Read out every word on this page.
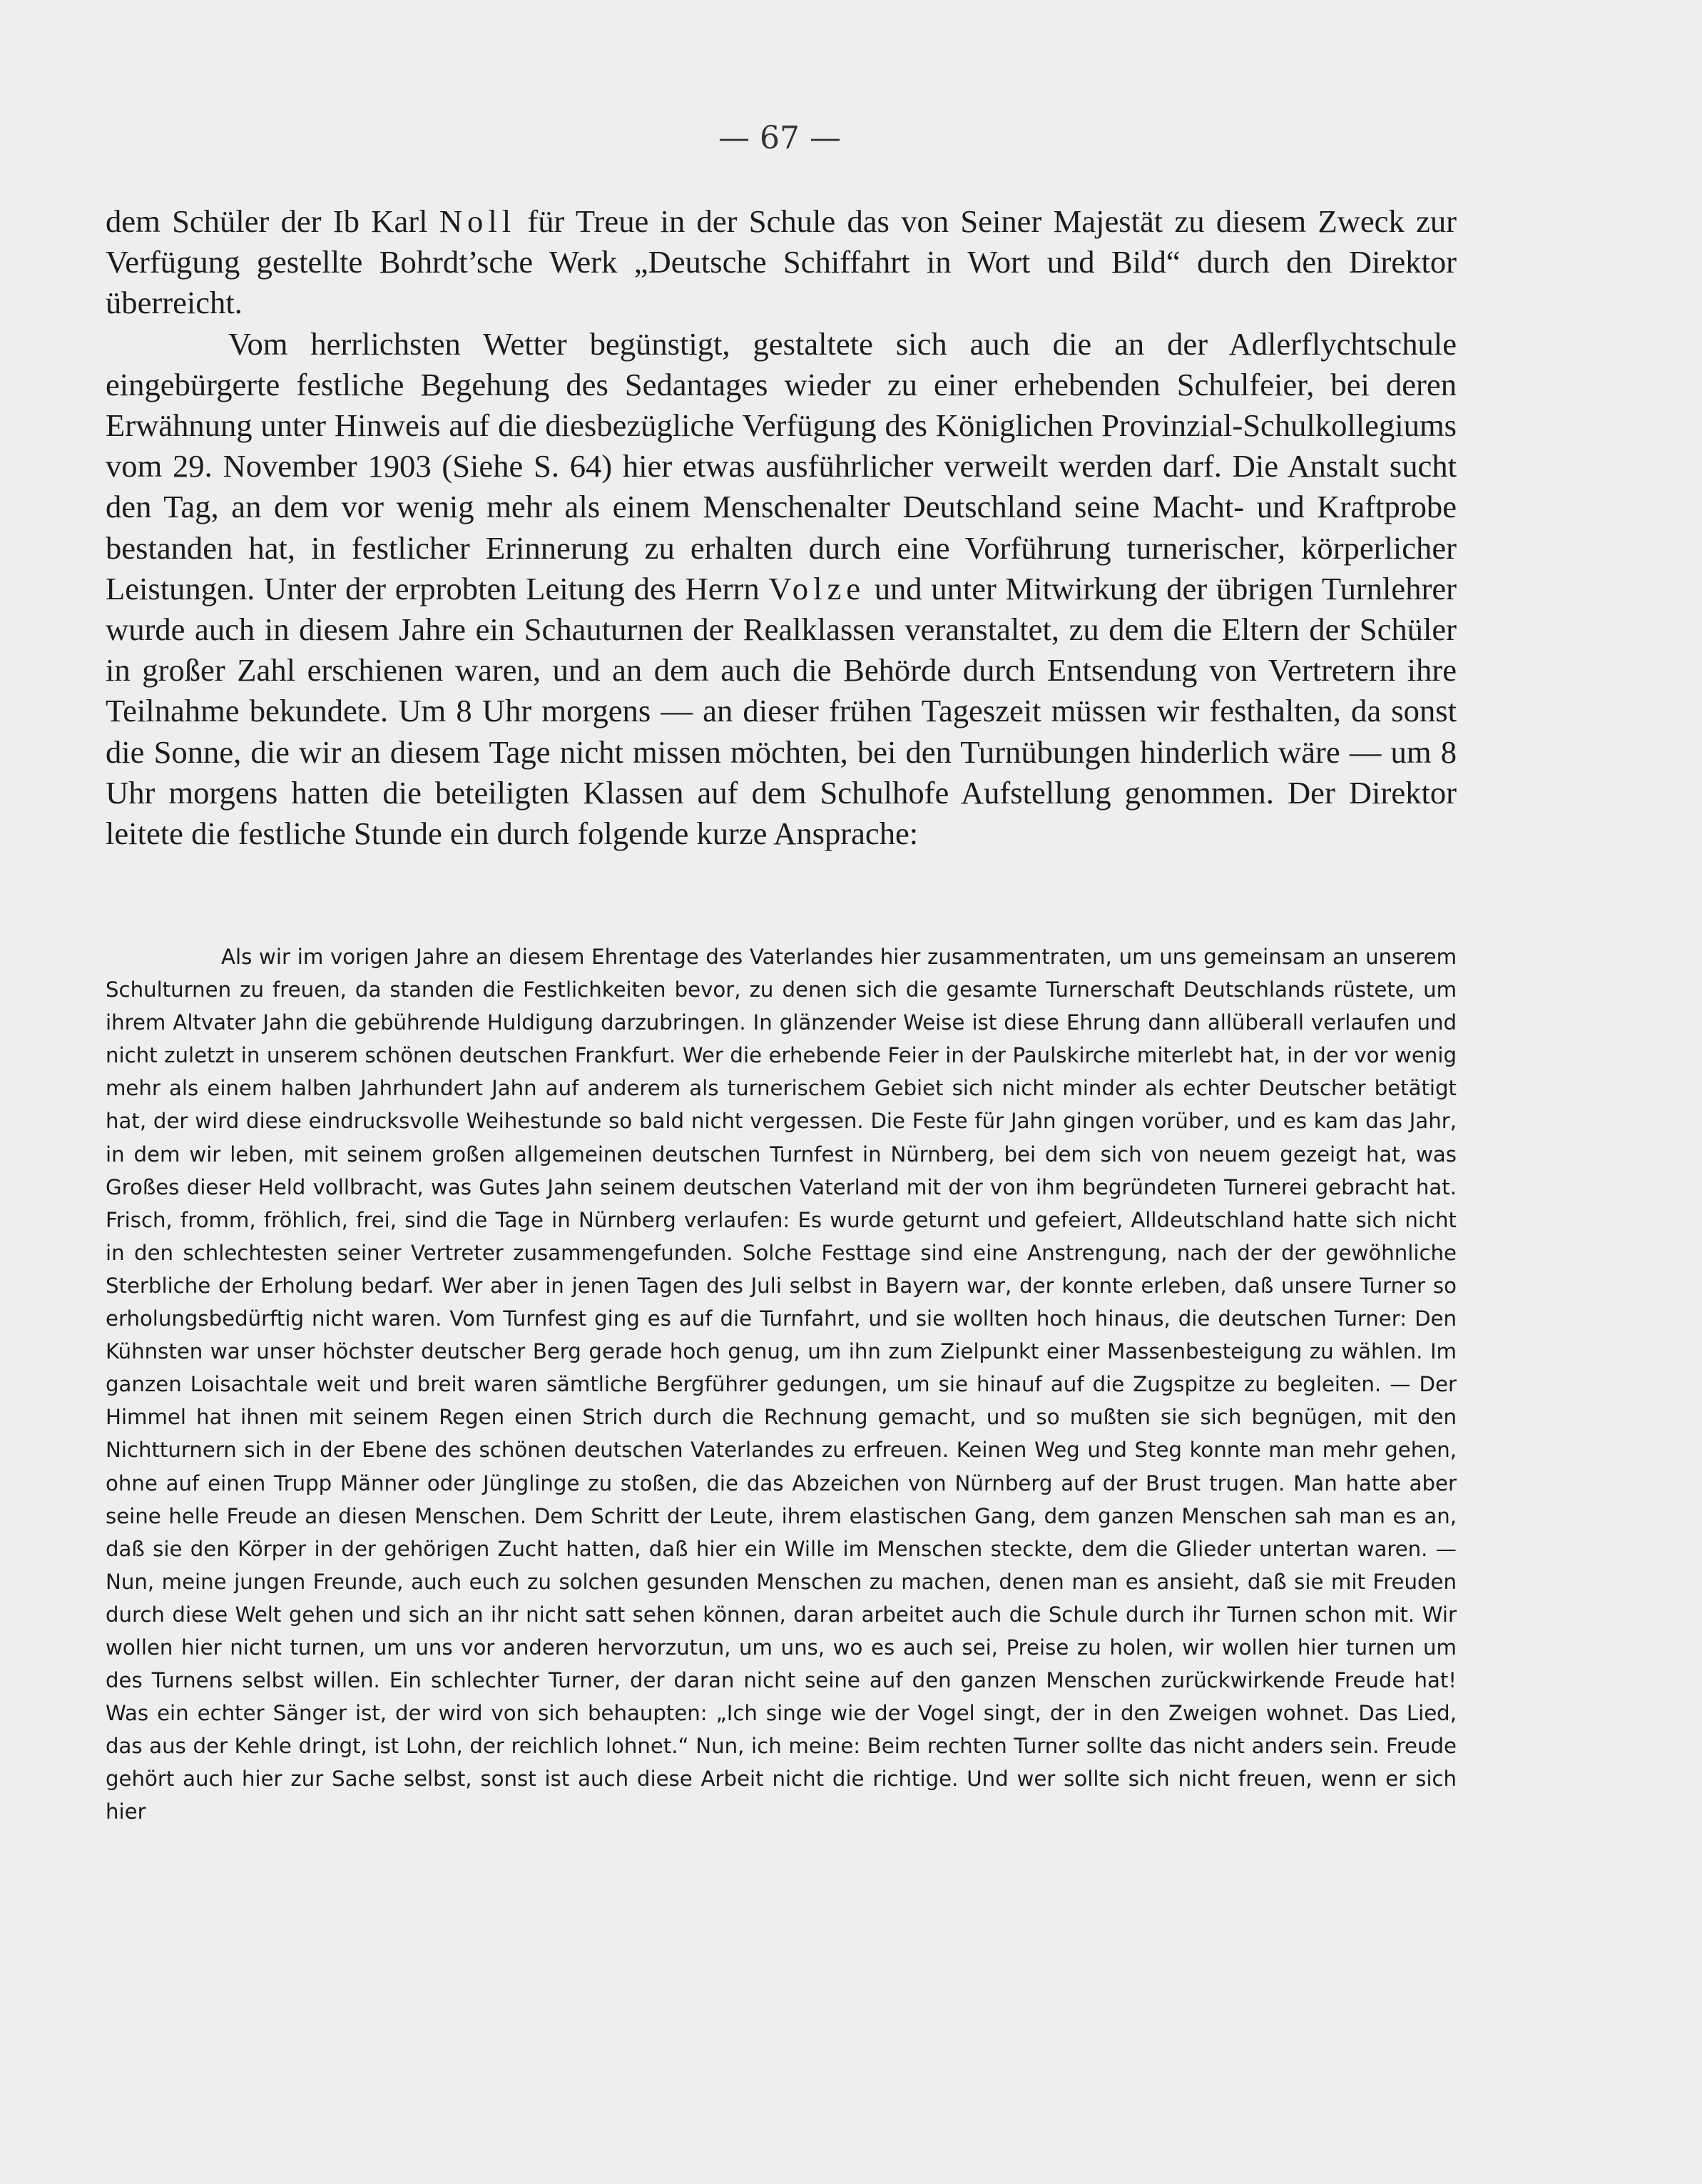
— 67 —

dem Schüler der Ib Karl Noll für Treue in der Schule das von Seiner Majestät zu diesem Zweck zur Verfügung gestellte Bohrdt’sche Werk „Deutsche Schiffahrt in Wort und Bild“ durch den Direktor überreicht.

Vom herrlichsten Wetter begünstigt, gestaltete sich auch die an der Adlerflychtschule eingebürgerte festliche Begehung des Sedantages wieder zu einer erhebenden Schulfeier, bei deren Erwähnung unter Hinweis auf die diesbezügliche Verfügung des Königlichen Provinzial-Schulkollegiums vom 29. November 1903 (Siehe S. 64) hier etwas ausführlicher verweilt werden darf. Die Anstalt sucht den Tag, an dem vor wenig mehr als einem Menschenalter Deutschland seine Macht- und Kraftprobe bestanden hat, in festlicher Erinnerung zu erhalten durch eine Vorführung turnerischer, körperlicher Leistungen. Unter der erprobten Leitung des Herrn Volze und unter Mitwirkung der übrigen Turnlehrer wurde auch in diesem Jahre ein Schauturnen der Realklassen veranstaltet, zu dem die Eltern der Schüler in großer Zahl erschienen waren, und an dem auch die Behörde durch Entsendung von Vertretern ihre Teilnahme bekundete. Um 8 Uhr morgens — an dieser frühen Tageszeit müssen wir festhalten, da sonst die Sonne, die wir an diesem Tage nicht missen möchten, bei den Turnübungen hinderlich wäre — um 8 Uhr morgens hatten die beteiligten Klassen auf dem Schulhofe Aufstellung genommen. Der Direktor leitete die festliche Stunde ein durch folgende kurze Ansprache:

Als wir im vorigen Jahre an diesem Ehrentage des Vaterlandes hier zusammentraten, um uns gemeinsam an unserem Schulturnen zu freuen, da standen die Festlichkeiten bevor, zu denen sich die gesamte Turnerschaft Deutschlands rüstete, um ihrem Altvater Jahn die gebührende Huldigung darzubringen. In glänzender Weise ist diese Ehrung dann allüberall verlaufen und nicht zuletzt in unserem schönen deutschen Frankfurt. Wer die erhebende Feier in der Paulskirche miterlebt hat, in der vor wenig mehr als einem halben Jahrhundert Jahn auf anderem als turnerischem Gebiet sich nicht minder als echter Deutscher betätigt hat, der wird diese eindrucksvolle Weihestunde so bald nicht vergessen. Die Feste für Jahn gingen vorüber, und es kam das Jahr, in dem wir leben, mit seinem großen allgemeinen deutschen Turnfest in Nürnberg, bei dem sich von neuem gezeigt hat, was Großes dieser Held vollbracht, was Gutes Jahn seinem deutschen Vaterland mit der von ihm begründeten Turnerei gebracht hat. Frisch, fromm, fröhlich, frei, sind die Tage in Nürnberg verlaufen: Es wurde geturnt und gefeiert, Alldeutschland hatte sich nicht in den schlechtesten seiner Vertreter zusammengefunden. Solche Festtage sind eine Anstrengung, nach der der gewöhnliche Sterbliche der Erholung bedarf. Wer aber in jenen Tagen des Juli selbst in Bayern war, der konnte erleben, daß unsere Turner so erholungsbedürftig nicht waren. Vom Turnfest ging es auf die Turnfahrt, und sie wollten hoch hinaus, die deutschen Turner: Den Kühnsten war unser höchster deutscher Berg gerade hoch genug, um ihn zum Zielpunkt einer Massenbesteigung zu wählen. Im ganzen Loisachtale weit und breit waren sämtliche Bergführer gedungen, um sie hinauf auf die Zugspitze zu begleiten. — Der Himmel hat ihnen mit seinem Regen einen Strich durch die Rechnung gemacht, und so mußten sie sich begnügen, mit den Nichtturnern sich in der Ebene des schönen deutschen Vaterlandes zu erfreuen. Keinen Weg und Steg konnte man mehr gehen, ohne auf einen Trupp Männer oder Jünglinge zu stoßen, die das Abzeichen von Nürnberg auf der Brust trugen. Man hatte aber seine helle Freude an diesen Menschen. Dem Schritt der Leute, ihrem elastischen Gang, dem ganzen Menschen sah man es an, daß sie den Körper in der gehörigen Zucht hatten, daß hier ein Wille im Menschen steckte, dem die Glieder untertan waren. — Nun, meine jungen Freunde, auch euch zu solchen gesunden Menschen zu machen, denen man es ansieht, daß sie mit Freuden durch diese Welt gehen und sich an ihr nicht satt sehen können, daran arbeitet auch die Schule durch ihr Turnen schon mit. Wir wollen hier nicht turnen, um uns vor anderen hervorzutun, um uns, wo es auch sei, Preise zu holen, wir wollen hier turnen um des Turnens selbst willen. Ein schlechter Turner, der daran nicht seine auf den ganzen Menschen zurückwirkende Freude hat! Was ein echter Sänger ist, der wird von sich behaupten: „Ich singe wie der Vogel singt, der in den Zweigen wohnet. Das Lied, das aus der Kehle dringt, ist Lohn, der reichlich lohnet.“ Nun, ich meine: Beim rechten Turner sollte das nicht anders sein. Freude gehört auch hier zur Sache selbst, sonst ist auch diese Arbeit nicht die richtige. Und wer sollte sich nicht freuen, wenn er sich hier
